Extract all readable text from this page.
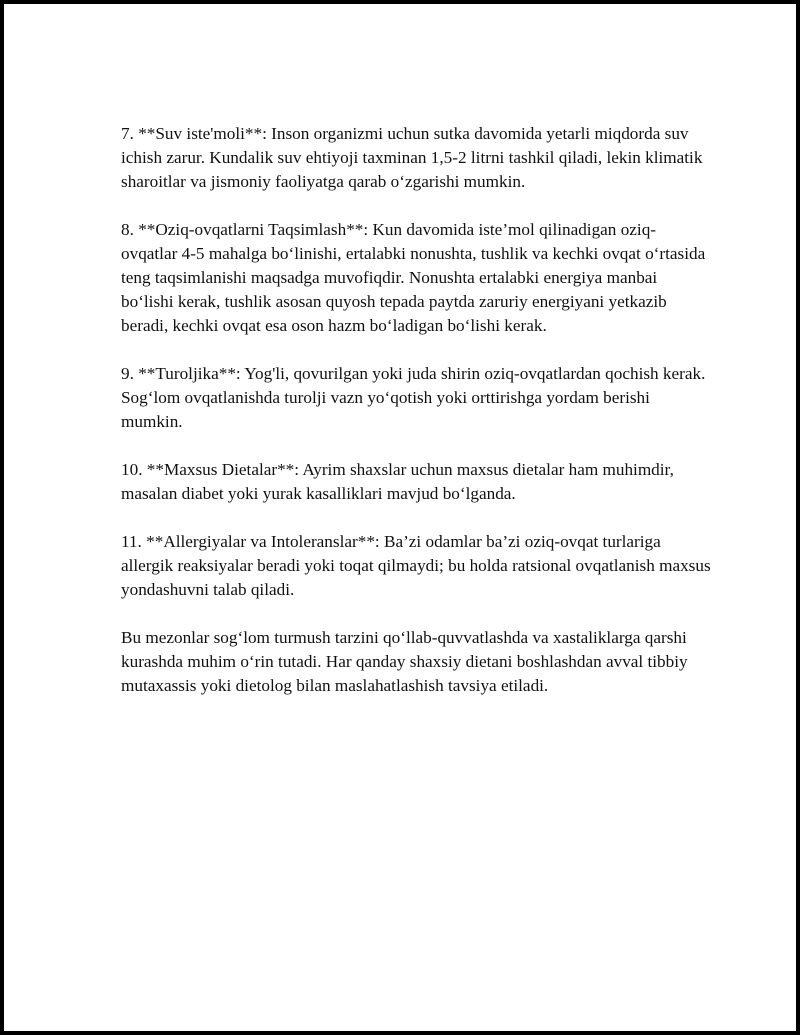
7. **Suv iste'moli**: Inson organizmi uchun sutka davomida yetarli miqdorda suv ichish zarur. Kundalik suv ehtiyoji taxminan 1,5-2 litrni tashkil qiladi, lekin klimatik sharoitlar va jismoniy faoliyatga qarab oʻzgarishi mumkin.

8. **Oziq-ovqatlarni Taqsimlash**: Kun davomida iste’mol qilinadigan oziq-ovqatlar 4-5 mahalga boʻlinishi, ertalabki nonushta, tushlik va kechki ovqat oʻrtasida teng taqsimlanishi maqsadga muvofiqdir. Nonushta ertalabki energiya manbai boʻlishi kerak, tushlik asosan quyosh tepada paytda zaruriy energiyani yetkazib beradi, kechki ovqat esa oson hazm boʻladigan boʻlishi kerak.

9. **Turoljika**: Yog'li, qovurilgan yoki juda shirin oziq-ovqatlardan qochish kerak. Sogʻlom ovqatlanishda turolji vazn yoʻqotish yoki orttirishga yordam berishi mumkin.

10. **Maxsus Dietalar**: Ayrim shaxslar uchun maxsus dietalar ham muhimdir, masalan diabet yoki yurak kasalliklari mavjud boʻlganda.

11. **Allergiyalar va Intoleranslar**: Ba’zi odamlar ba’zi oziq-ovqat turlariga allergik reaksiyalar beradi yoki toqat qilmaydi; bu holda ratsional ovqatlanish maxsus yondashuvni talab qiladi.

Bu mezonlar sogʻlom turmush tarzini qoʻllab-quvvatlashda va xastaliklarga qarshi kurashda muhim oʻrin tutadi. Har qanday shaxsiy dietani boshlashdan avval tibbiy mutaxassis yoki dietolog bilan maslahatlashish tavsiya etiladi.
